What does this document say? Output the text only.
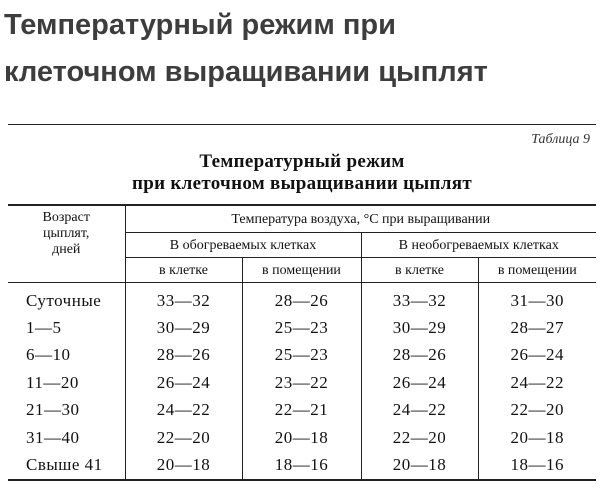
Температурный режим при
клеточном выращивании цыплят
Таблица 9
Температурный режим
при клеточном выращивании цыплят
Возраст
цыплят,
дней	Температура воздуха, °С при выращивании			
	В обогреваемых клетках		В необогреваемых клетках	
	в клетке	в помещении	в клетке	в помещении
Суточные	33—32	28—26	33—32	31—30
1—5	30—29	25—23	30—29	28—27
6—10	28—26	25—23	28—26	26—24
11—20	26—24	23—22	26—24	24—22
21—30	24—22	22—21	24—22	22—20
31—40	22—20	20—18	22—20	20—18
Свыше 41	20—18	18—16	20—18	18—16
